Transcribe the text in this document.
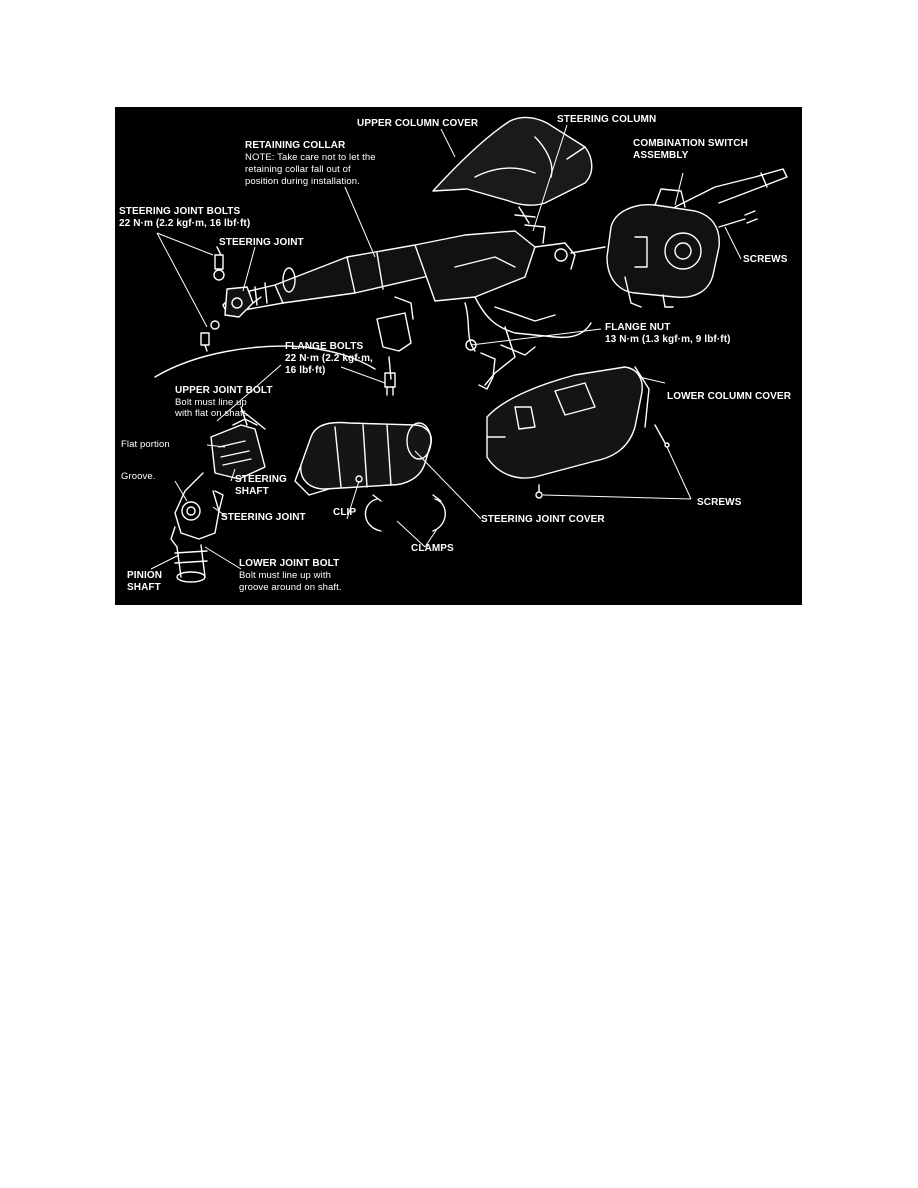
UPPER COLUMN COVER	STEERING COLUMN
RETAINING COLLAR
NOTE: Take care not to let the
retaining collar fall out of
position during installation.
COMBINATION SWITCH
ASSEMBLY
STEERING JOINT BOLTS
22 N·m (2.2 kgf·m, 16 lbf·ft)
STEERING JOINT
SCREWS
FLANGE BOLTS
22 N·m (2.2 kgf·m,
16 lbf·ft)
FLANGE NUT
13 N·m (1.3 kgf·m, 9 lbf·ft)
UPPER JOINT BOLT
Bolt must line up
with flat on shaft.
LOWER COLUMN COVER
Flat portion
Groove.	STEERING
SHAFT
STEERING JOINT
SCREWS
CLIP
STEERING JOINT COVER
CLAMPS
PINION
SHAFT
LOWER JOINT BOLT
Bolt must line up with
groove around on shaft.
